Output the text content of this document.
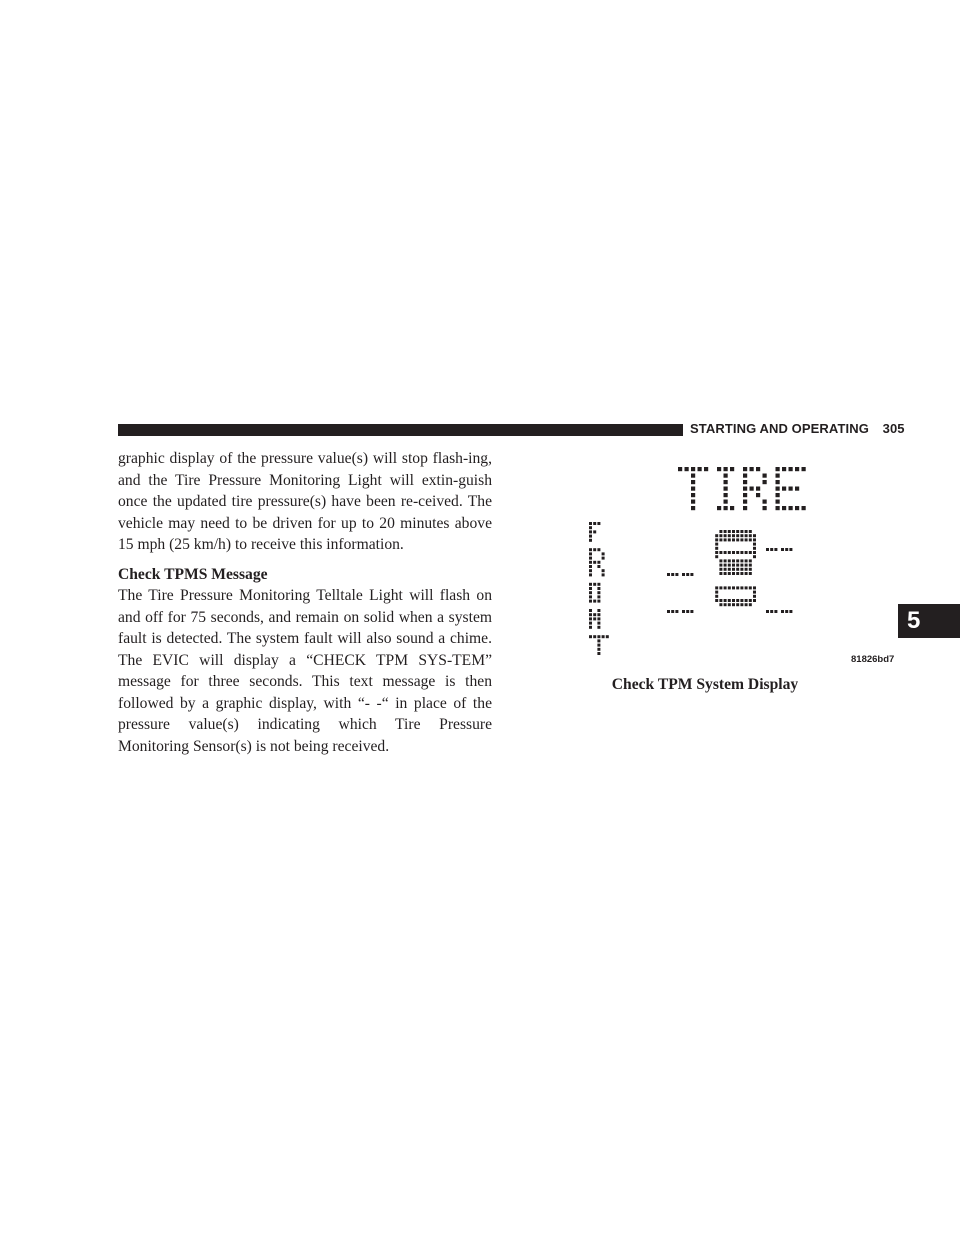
STARTING AND OPERATING 305
5

graphic display of the pressure value(s) will stop flash-ing, and the Tire Pressure Monitoring Light will extin-guish once the updated tire pressure(s) have been re-ceived. The vehicle may need to be driven for up to 20 minutes above 15 mph (25 km/h) to receive this information.

Check TPMS Message

The Tire Pressure Monitoring Telltale Light will flash on and off for 75 seconds, and remain on solid when a system fault is detected. The system fault will also sound a chime. The EVIC will display a “CHECK TPM SYS-TEM” message for three seconds. This text message is then followed by a graphic display, with “- -“ in place of the pressure value(s) indicating which Tire Pressure Monitoring Sensor(s) is not being received.

81826bd7
Check TPM System Display
